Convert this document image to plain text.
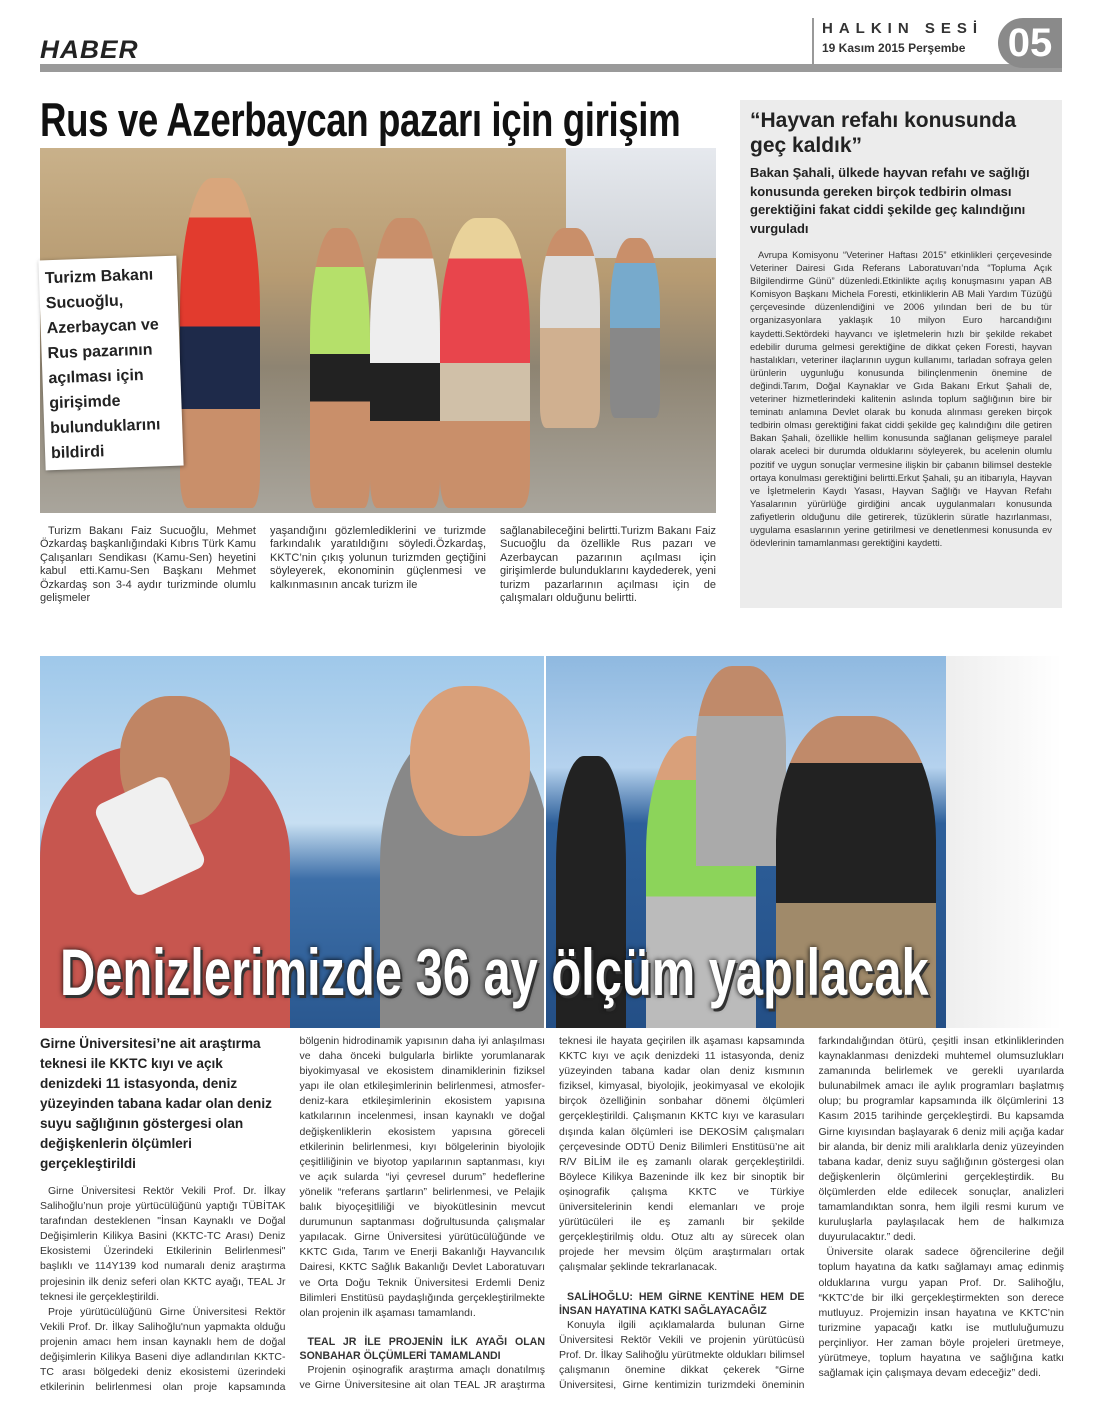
HABER
HALKIN SESİ
19 Kasım 2015 Perşembe	05
Rus ve Azerbaycan pazarı için girişim
Turizm Bakanı Sucuoğlu, Azerbaycan ve Rus pazarının açılması için girişimde bulunduklarını bildirdi

Turizm Bakanı Faiz Sucuoğlu, Mehmet Özkardaş başkanlığındaki Kıbrıs Türk Kamu Çalışanları Sendikası (Kamu-Sen) heyetini kabul etti.Kamu-Sen Başkanı Mehmet Özkardaş son 3-4 aydır turizminde olumlu gelişmeler

yaşandığını gözlemlediklerini ve turizmde farkındalık yaratıldığını söyledi.Özkardaş, KKTC’nin çıkış yolunun turizmden geçtiğini söyleyerek, ekonominin güçlenmesi ve kalkınmasının ancak turizm ile

sağlanabileceğini belirtti.Turizm Bakanı Faiz Sucuoğlu da özellikle Rus pazarı ve Azerbaycan pazarının açılması için girişimlerde bulunduklarını kaydederek, yeni turizm pazarlarının açılması için de çalışmaları olduğunu belirtti.

“Hayvan refahı konusunda geç kaldık”
Bakan Şahali, ülkede hayvan refahı ve sağlığı konusunda gereken birçok tedbirin olması gerektiğini fakat ciddi şekilde geç kalındığını vurguladı

Avrupa Komisyonu “Veteriner Haftası 2015” etkinlikleri çerçevesinde Veteriner Dairesi Gıda Referans Laboratuvarı’nda “Topluma Açık Bilgilendirme Günü” düzenledi.Etkinlikte açılış konuşmasını yapan AB Komisyon Başkanı Michela Foresti, etkinliklerin AB Mali Yardım Tüzüğü çerçevesinde düzenlendiğini ve 2006 yılından beri de bu tür organizasyonlara yaklaşık 10 milyon Euro harcandığını kaydetti.Sektördeki hayvancı ve işletmelerin hızlı bir şekilde rekabet edebilir duruma gelmesi gerektiğine de dikkat çeken Foresti, hayvan hastalıkları, veteriner ilaçlarının uygun kullanımı, tarladan sofraya gelen ürünlerin uygunluğu konusunda bilinçlenmenin önemine de değindi.Tarım, Doğal Kaynaklar ve Gıda Bakanı Erkut Şahali de, veteriner hizmetlerindeki kalitenin aslında toplum sağlığının bire bir teminatı anlamına Devlet olarak bu konuda alınması gereken birçok tedbirin olması gerektiğini fakat ciddi şekilde geç kalındığını dile getiren Bakan Şahali, özellikle hellim konusunda sağlanan gelişmeye paralel olarak aceleci bir durumda olduklarını söyleyerek, bu acelenin olumlu pozitif ve uygun sonuçlar vermesine ilişkin bir çabanın bilimsel destekle ortaya konulması gerektiğini belirtti.Erkut Şahali, şu an itibarıyla, Hayvan ve İşletmelerin Kaydı Yasası, Hayvan Sağlığı ve Hayvan Refahı Yasalarının yürürlüğe girdiğini ancak uygulanmaları konusunda zafiyetlerin olduğunu dile getirerek, tüzüklerin süratle hazırlanması, uygulama esaslarının yerine getirilmesi ve denetlenmesi konusunda ev ödevlerinin tamamlanması gerektiğini kaydetti.

Denizlerimizde 36 ay ölçüm yapılacak
Girne Üniversitesi’ne ait araştırma teknesi ile KKTC kıyı ve açık denizdeki 11 istasyonda, deniz yüzeyinden tabana kadar olan deniz suyu sağlığının göstergesi olan değişkenlerin ölçümleri gerçekleştirildi

Girne Üniversitesi Rektör Vekili Prof. Dr. İlkay Salihoğlu’nun proje yürtücülüğünü yaptığı TÜBİTAK tarafından desteklenen "İnsan Kaynaklı ve Doğal Değişimlerin Kilikya Basini (KKTC-TC Arası) Deniz Ekosistemi Üzerindeki Etkilerinin Belirlenmesi" başlıklı ve 114Y139 kod numaralı deniz araştırma projesinin ilk deniz seferi olan KKTC ayağı, TEAL Jr teknesi ile gerçekleştirildi.

Proje yürütücülüğünü Girne Üniversitesi Rektör Vekili Prof. Dr. İlkay Salihoğlu'nun yapmakta olduğu projenin amacı hem insan kaynaklı hem de doğal değişimlerin Kilikya Baseni diye adlandırılan KKTC-TC arası bölgedeki deniz ekosistemi üzerindeki etkilerinin belirlenmesi olan proje kapsamında bölgenin hidrodinamik yapısının daha iyi anlaşılması ve daha önceki bulgularla birlikte yorumlanarak biyokimyasal ve ekosistem dinamiklerinin fiziksel yapı ile olan etkileşimlerinin belirlenmesi, atmosfer-deniz-kara etkileşimlerinin ekosistem yapısına katkılarının incelenmesi, insan kaynaklı ve doğal değişkenliklerin ekosistem yapısına göreceli etkilerinin belirlenmesi, kıyı bölgelerinin biyolojik çeşitliliğinin ve biyotop yapılarının saptanması, kıyı ve açık sularda “iyi çevresel durum” hedeflerine yönelik “referans şartların” belirlenmesi, ve Pelajik balık biyoçeşitliliği ve biyokütlesinin mevcut durumunun saptanması doğrultusunda çalışmalar yapılacak. Girne Üniversitesi yürütücülüğünde ve KKTC Gıda, Tarım ve Enerji Bakanlığı Hayvancılık Dairesi, KKTC Sağlık Bakanlığı Devlet Laboratuvarı ve Orta Doğu Teknik Üniversitesi Erdemli Deniz Bilimleri Enstitüsü paydaşlığında gerçekleştirilmekte olan projenin ilk aşaması tamamlandı.

TEAL JR İLE PROJENİN İLK AYAĞI OLAN SONBAHAR ÖLÇÜMLERİ TAMAMLANDI

Projenin oşinografik araştırma amaçlı donatılmış ve Girne Üniversitesine ait olan TEAL JR araştırma teknesi ile hayata geçirilen ilk aşaması kapsamında KKTC kıyı ve açık denizdeki 11 istasyonda, deniz yüzeyinden tabana kadar olan deniz kısmının fiziksel, kimyasal, biyolojik, jeokimyasal ve ekolojik birçok özelliğinin sonbahar dönemi ölçümleri gerçekleştirildi. Çalışmanın KKTC kıyı ve karasuları dışında kalan ölçümleri ise DEKOSİM çalışmaları çerçevesinde ODTÜ Deniz Bilimleri Enstitüsü’ne ait R/V BİLİM ile eş zamanlı olarak gerçekleştirildi. Böylece Kilikya Bazeninde ilk kez bir sinoptik bir oşinografik çalışma KKTC ve Türkiye üniversitelerinin kendi elemanları ve proje yürütücüleri ile eş zamanlı bir şekilde gerçekleştirilmiş oldu. Otuz altı ay sürecek olan projede her mevsim ölçüm araştırmaları ortak çalışmalar şeklinde tekrarlanacak.

SALİHOĞLU: HEM GİRNE KENTİNE HEM DE İNSAN HAYATINA KATKI SAĞLAYACAĞIZ

Konuyla ilgili açıklamalarda bulunan Girne Üniversitesi Rektör Vekili ve projenin yürütücüsü Prof. Dr. İlkay Salihoğlu yürütmekte oldukları bilimsel çalışmanın önemine dikkat çekerek “Girne Üniversitesi, Girne kentimizin turizmdeki öneminin farkındalığından ötürü, çeşitli insan etkinliklerinden kaynaklanması denizdeki muhtemel olumsuzlukları zamanında belirlemek ve gerekli uyarılarda bulunabilmek amacı ile aylık programları başlatmış olup; bu programlar kapsamında ilk ölçümlerini 13 Kasım 2015 tarihinde gerçekleştirdi. Bu kapsamda Girne kıyısından başlayarak 6 deniz mili açığa kadar bir alanda, bir deniz mili aralıklarla deniz yüzeyinden tabana kadar, deniz suyu sağlığının göstergesi olan değişkenlerin ölçümlerini gerçekleştirdik. Bu ölçümlerden elde edilecek sonuçlar, analizleri tamamlandıktan sonra, hem ilgili resmi kurum ve kuruluşlarla paylaşılacak hem de halkımıza duyurulacaktır.” dedi.

Üniversite olarak sadece öğrencilerine değil toplum hayatına da katkı sağlamayı amaç edinmiş olduklarına vurgu yapan Prof. Dr. Salihoğlu, “KKTC’de bir ilki gerçekleştirmekten son derece mutluyuz. Projemizin insan hayatına ve KKTC’nin turizmine yapacağı katkı ise mutluluğumuzu perçinliyor. Her zaman böyle projeleri üretmeye, yürütmeye, toplum hayatına ve sağlığına katkı sağlamak için çalışmaya devam edeceğiz” dedi.
